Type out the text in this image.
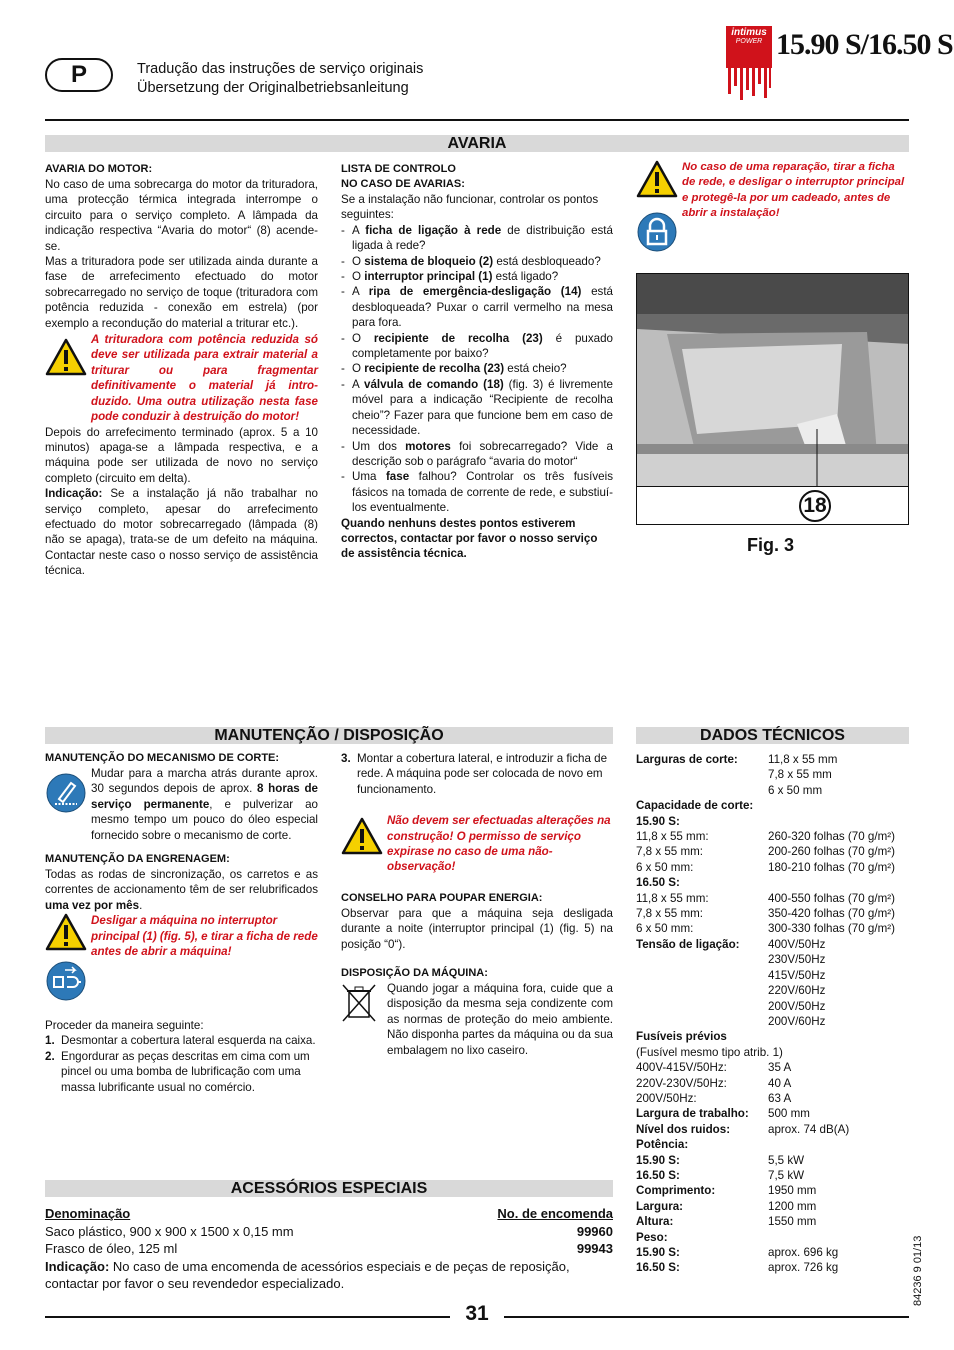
P	Tradução das instruções de serviço originais
Übersetzung der Originalbetriebsanleitung
intimus
POWER 15.90 S/16.50 S
AVARIA

AVARIA DO MOTOR:

No caso de uma sobrecarga do motor da trituradora, uma protecção térmica integrada interrompe o circuito para o serviço completo. A lâmpada da indicação respectiva “Avaria do motor“ (8) acende-se.

Mas a trituradora pode ser utilizada ainda durante a fase de arrefecimento efectuado do motor sobrecarregado no serviço de toque (trituradora com potência reduzida - conexão em estrela) (por exemplo a recondução do material a triturar etc.).

A trituradora com potência reduzida só deve ser utilizada para extrair material a triturar ou para fragmentar definitivamente o material já intro-duzido. Uma outra utilização nesta fase pode conduzir à destruição do motor!

Depois do arrefecimento terminado (aprox. 5 a 10 minutos) apaga-se a lâmpada respectiva, e a máquina pode ser utilizada de novo no serviço completo (circuito em delta).

Indicação: Se a instalação já não trabalhar no serviço completo, apesar do arrefecimento efectuado do motor sobrecarregado (lâmpada (8) não se apaga), trata-se de um defeito na máquina. Contactar neste caso o nosso serviço de assistência técnica.

LISTA DE CONTROLO

NO CASO DE AVARIAS:

Se a instalação não funcionar, controlar os pontos seguintes:

- A ficha de ligação à rede de distribuição está ligada à rede?
- O sistema de bloqueio (2) está desbloqueado?
- O interruptor principal (1) está ligado?
- A ripa de emergência-desligação (14) está desbloqueada? Puxar o carril vermelho na mesa para fora.
- O recipiente de recolha (23) é puxado completamente por baixo?
- O recipiente de recolha (23) está cheio?
- A válvula de comando (18) (fig. 3) é livremente móvel para a indicação “Recipiente de recolha cheio”? Fazer para que funcione bem em caso de necessidade.
- Um dos motores foi sobrecarregado? Vide a descrição sob o parágrafo “avaria do motor“
- Uma fase falhou? Controlar os três fusíveis fásicos na tomada de corrente de rede, e substiuí-los eventualmente.

Quando nenhuns destes pontos estiverem correctos, contactar por favor o nosso serviço de assistência técnica.

No caso de uma reparação, tirar a ficha de rede, e desligar o interruptor principal e protegê-la por um cadeado, antes de abrir a instalação!

18
Fig. 3
MANUTENÇÃO / DISPOSIÇÃO

MANUTENÇÃO DO MECANISMO DE CORTE:

Mudar para a marcha atrás durante aprox. 30 segundos depois de aprox. 8 horas de serviço permanente, e pulverizar ao mesmo tempo um pouco do óleo especial fornecido sobre o mecanismo de corte.

MANUTENÇÃO DA ENGRENAGEM:

Todas as rodas de sincronização, os carretos e as correntes de accionamento têm de ser relubrificados uma vez por mês.

Desligar a máquina no interruptor principal (1) (fig. 5), e tirar a ficha de rede antes de abrir a máquina!

Proceder da maneira seguinte:

1. Desmontar a cobertura lateral esquerda na caixa.
2. Engordurar as peças descritas em cima com um pincel ou uma bomba de lubrificação com uma massa lubrificante usual no comércio.
3. Montar a cobertura lateral, e introduzir a ficha de rede. A máquina pode ser colocada de novo em funcionamento.

Não devem ser efectuadas alterações na construção! O permisso de serviço expirase no caso de uma não-observação!

CONSELHO PARA POUPAR ENERGIA:

Observar para que a máquina seja desligada durante a noite (interruptor principal (1) (fig. 5) na posição “0“).

DISPOSIÇÃO DA MÁQUINA:

Quando jogar a máquina fora, cuide que a disposição da mesma seja condizente com as normas de proteção do meio ambiente. Não disponha partes da máquina ou da sua embalagem no lixo caseiro.

ACESSÓRIOS ESPECIAIS
Denominação	No. de encomenda
Saco plástico, 900 x 900 x 1500 x 0,15 mm	99960
Frasco de óleo, 125 ml	99943

Indicação: No caso de uma encomenda de acessórios especiais e de peças de reposição, contactar por favor o seu revendedor especializado.

DADOS TÉCNICOS
Larguras de corte:	11,8 x 55 mm
7,8 x 55 mm
6 x 50 mm
Capacidade de corte:
15.90 S:
11,8 x 55 mm:	260-320 folhas (70 g/m²)
7,8 x 55 mm:	200-260 folhas (70 g/m²)
6 x 50 mm:	180-210 folhas (70 g/m²)
16.50 S:
11,8 x 55 mm:	400-550 folhas (70 g/m²)
7,8 x 55 mm:	350-420 folhas (70 g/m²)
6 x 50 mm:	300-330 folhas (70 g/m²)
Tensão de ligação:	400V/50Hz
230V/50Hz
415V/50Hz
220V/60Hz
200V/50Hz
200V/60Hz
Fusíveis prévios
(Fusível mesmo tipo atrib. 1)
400V-415V/50Hz:	35 A
220V-230V/50Hz:	40 A
200V/50Hz:	63 A
Largura de trabalho:	500 mm
Nível dos ruidos:	aprox. 74 dB(A)
Potência:
15.90 S:	5,5 kW
16.50 S:	7,5 kW
Comprimento:	1950 mm
Largura:	1200 mm
Altura:	1550 mm
Peso:
15.90 S:	aprox. 696 kg
16.50 S:	aprox. 726 kg
31
84236 9 01/13
